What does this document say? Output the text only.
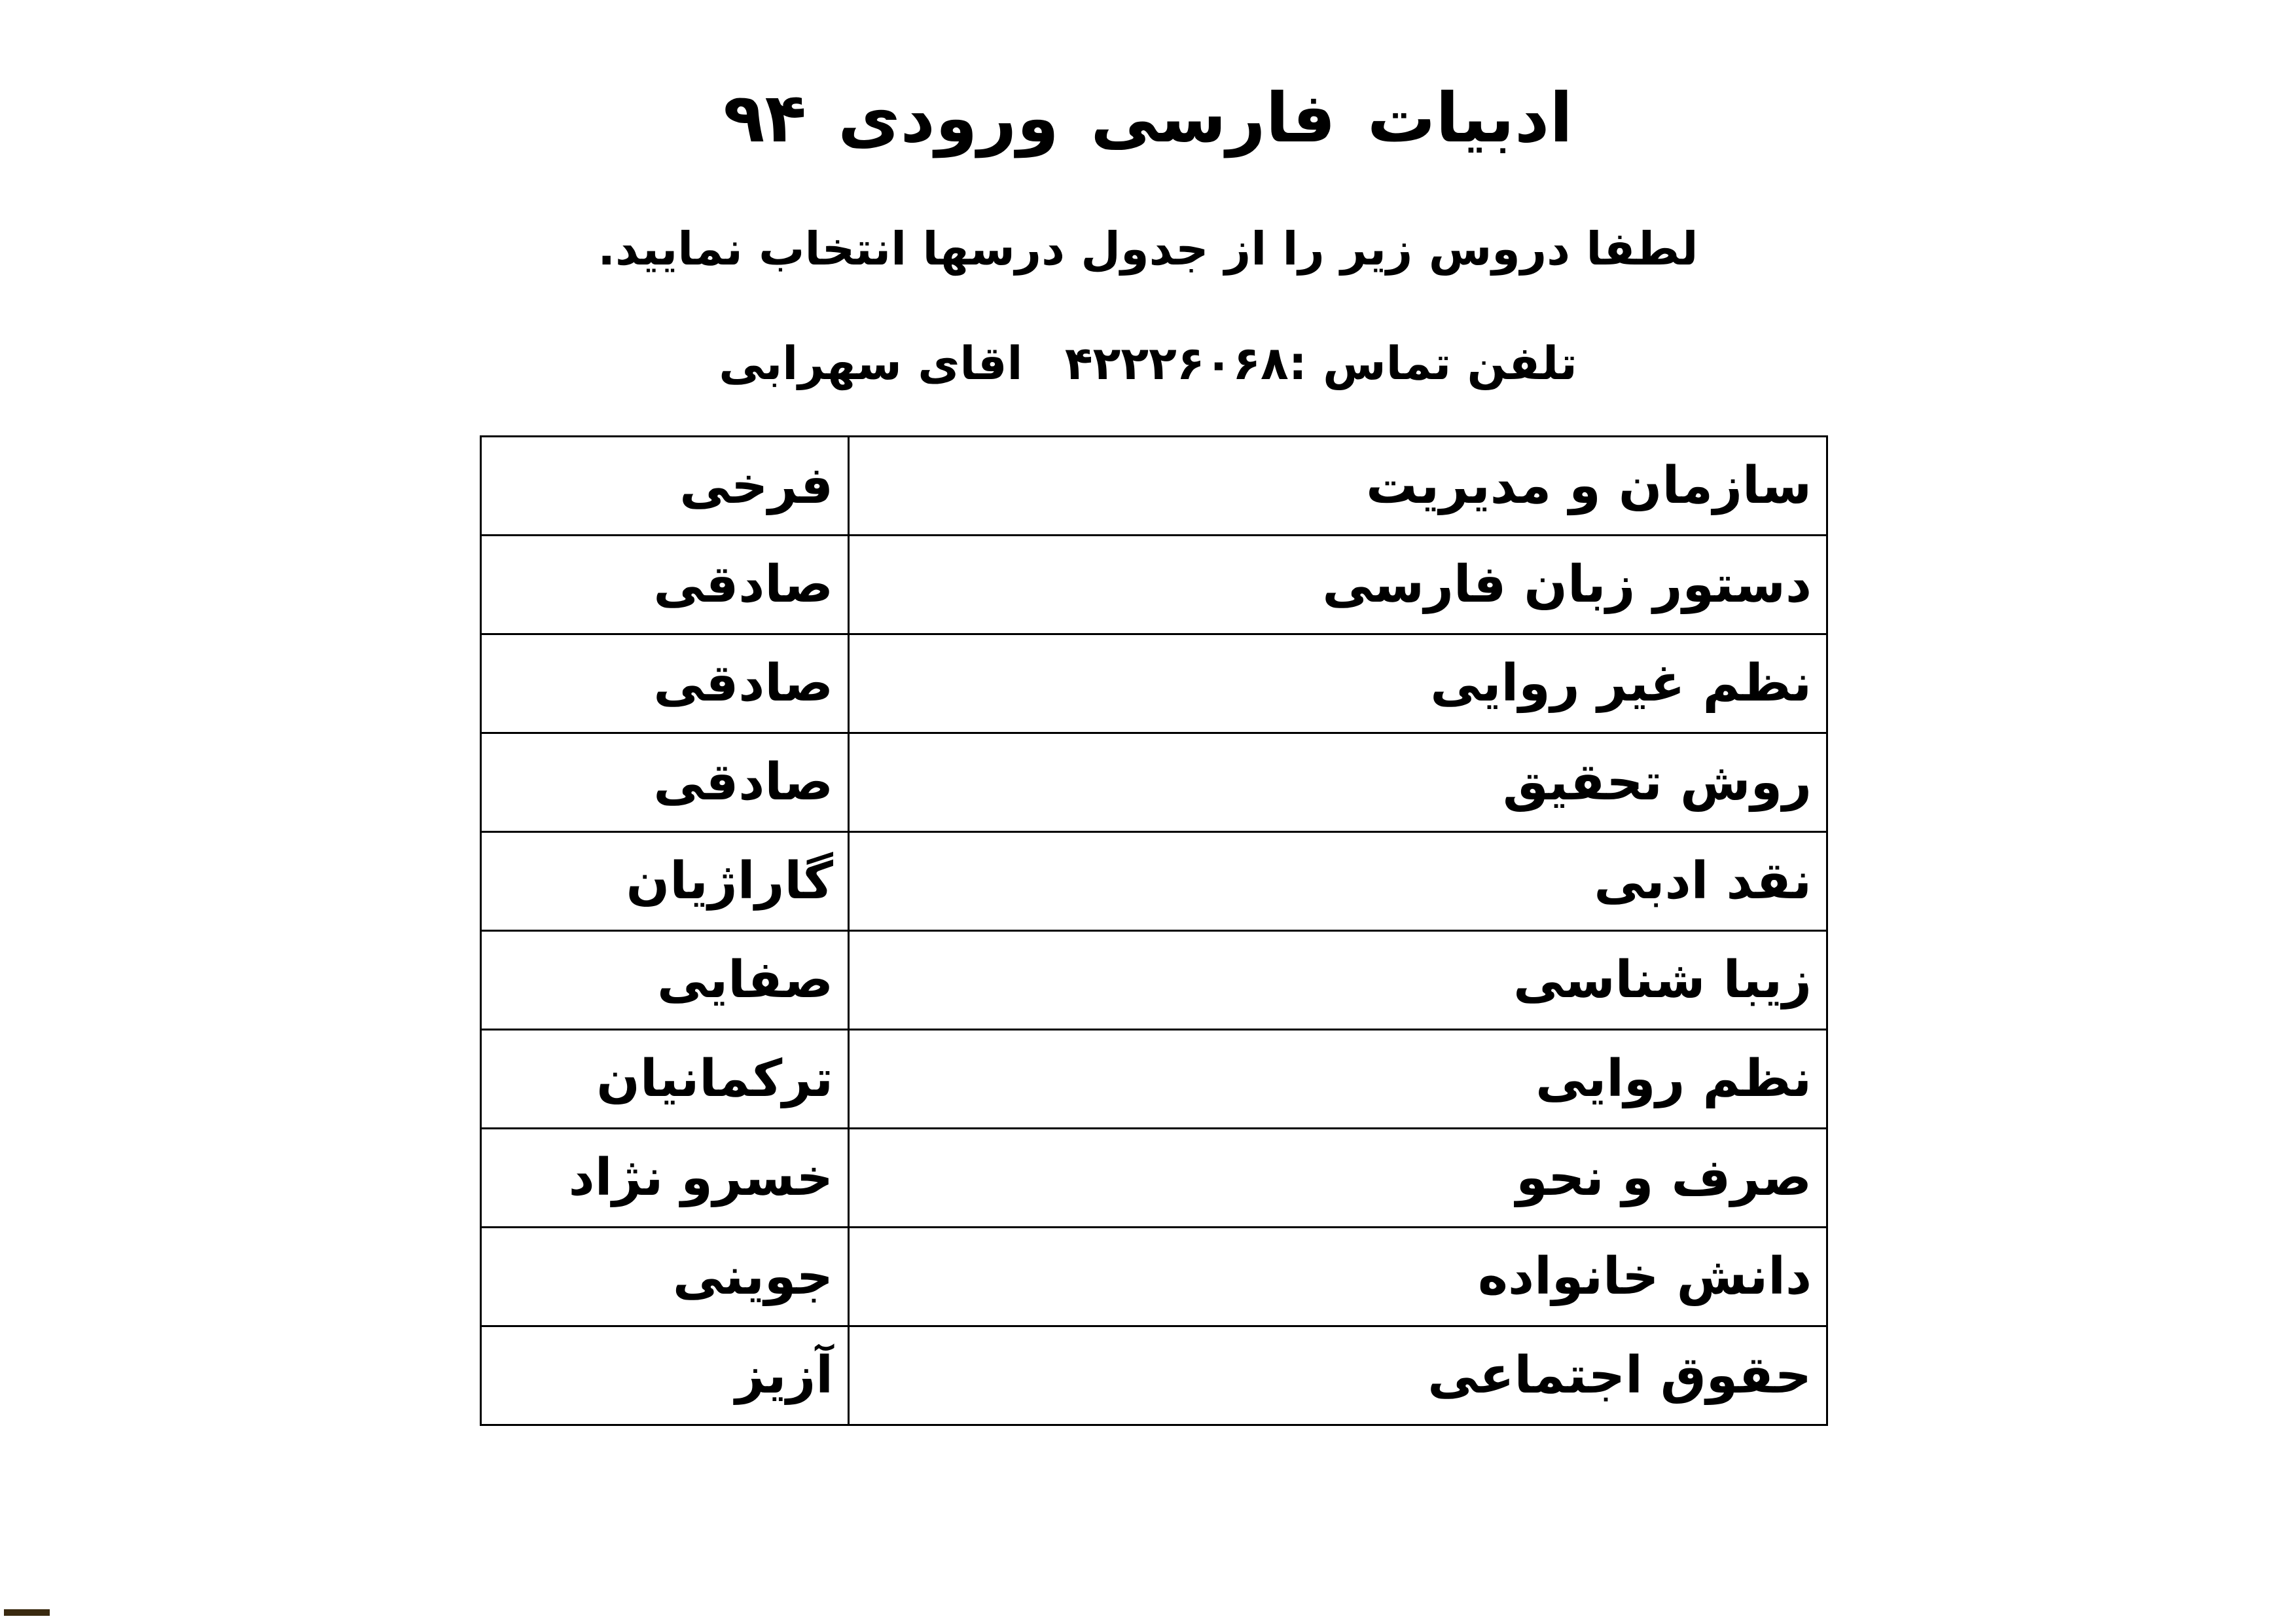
ادبیات فارسی ورودی ۹۴
لطفا دروس زیر را از جدول درسها انتخاب نمایید.
تلفن تماس :۴۲۲۲۶۰۶۸ اقای سهرابی
سازمان و مدیریت	فرخی
دستور زبان فارسی	صادقی
نظم غیر روایی	صادقی
روش تحقیق	صادقی
نقد ادبی	گاراژیان
زیبا شناسی	صفایی
نظم روایی	ترکمانیان
صرف و نحو	خسرو نژاد
دانش خانواده	جوینی
حقوق اجتماعی	آزیز
